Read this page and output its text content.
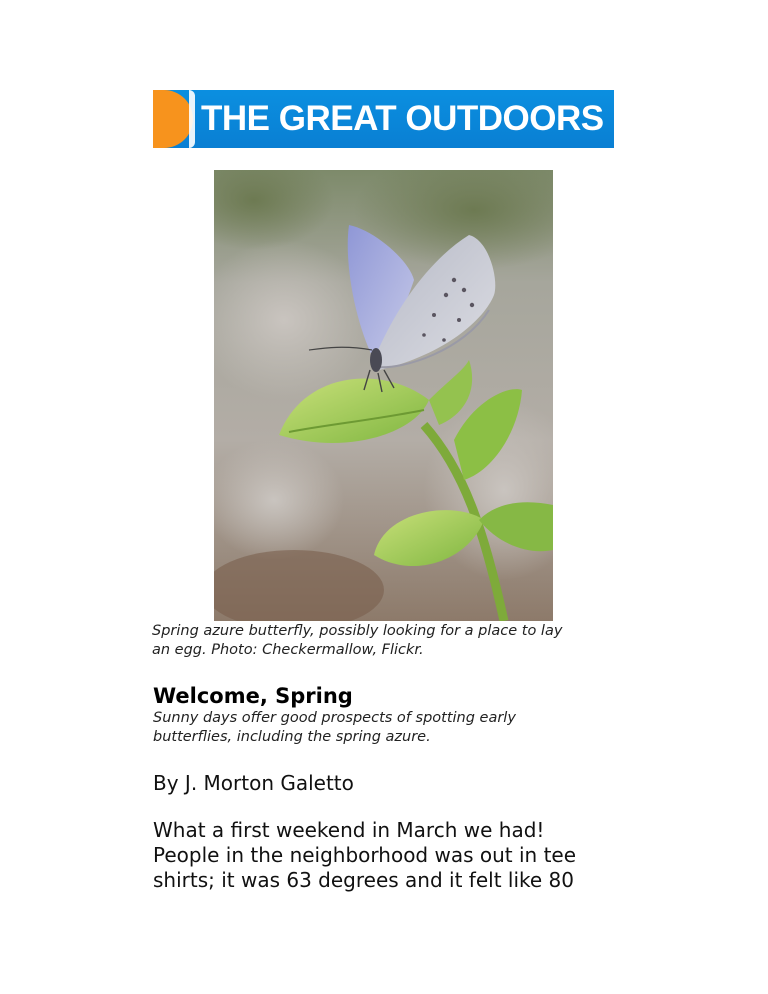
THE GREAT OUTDOORS
Spring azure butterfly, possibly looking for a place to lay
an egg. Photo: Checkermallow, Flickr.
Welcome, Spring
Sunny days offer good prospects of spotting early
butterflies, including the spring azure.
By J. Morton Galetto
What a first weekend in March we had!
People in the neighborhood was out in tee
shirts; it was 63 degrees and it felt like 80
